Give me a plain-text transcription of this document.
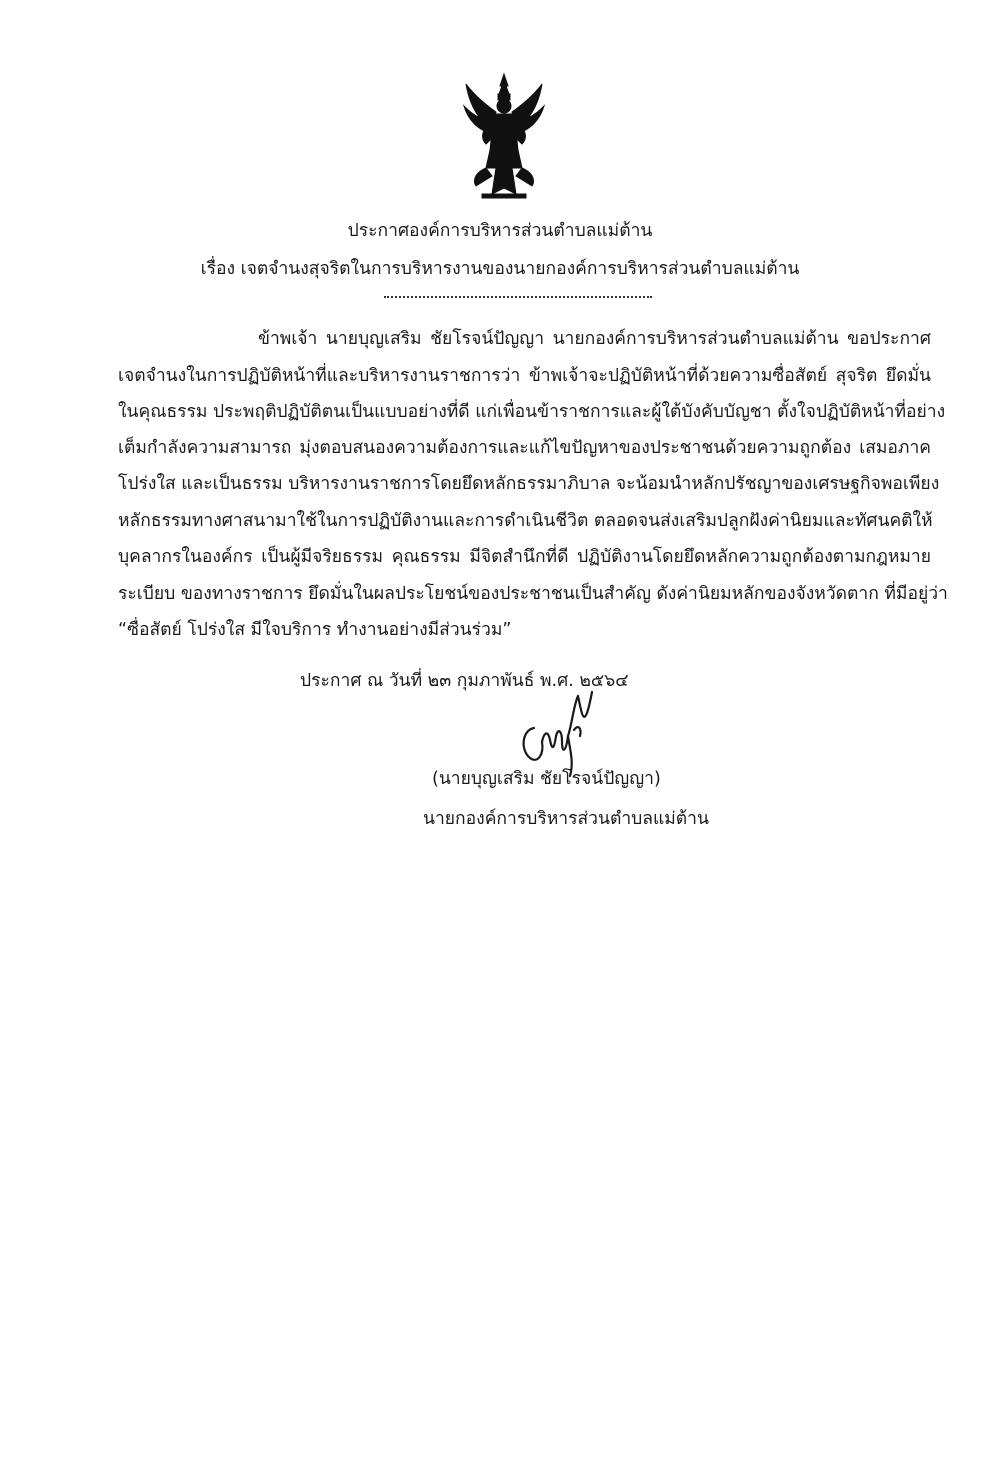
ประกาศองค์การบริหารส่วนตำบลแม่ต้าน
เรื่อง เจตจำนงสุจริตในการบริหารงานของนายกองค์การบริหารส่วนตำบลแม่ต้าน
ข้าพเจ้า นายบุญเสริม ชัยโรจน์ปัญญา นายกองค์การบริหารส่วนตำบลแม่ต้าน ขอประกาศ
เจตจำนงในการปฏิบัติหน้าที่และบริหารงานราชการว่า ข้าพเจ้าจะปฏิบัติหน้าที่ด้วยความซื่อสัตย์ สุจริต ยึดมั่น
ในคุณธรรม ประพฤติปฏิบัติตนเป็นแบบอย่างที่ดี แก่เพื่อนข้าราชการและผู้ใต้บังคับบัญชา ตั้งใจปฏิบัติหน้าที่อย่าง
เต็มกำลังความสามารถ มุ่งตอบสนองความต้องการและแก้ไขปัญหาของประชาชนด้วยความถูกต้อง เสมอภาค
โปร่งใส และเป็นธรรม บริหารงานราชการโดยยึดหลักธรรมาภิบาล จะน้อมนำหลักปรัชญาของเศรษฐกิจพอเพียง
หลักธรรมทางศาสนามาใช้ในการปฏิบัติงานและการดำเนินชีวิต ตลอดจนส่งเสริมปลูกฝังค่านิยมและทัศนคติให้
บุคลากรในองค์กร เป็นผู้มีจริยธรรม คุณธรรม มีจิตสำนึกที่ดี ปฏิบัติงานโดยยึดหลักความถูกต้องตามกฎหมาย
ระเบียบ ของทางราชการ ยึดมั่นในผลประโยชน์ของประชาชนเป็นสำคัญ ดังค่านิยมหลักของจังหวัดตาก ที่มีอยู่ว่า
“ซื่อสัตย์ โปร่งใส มีใจบริการ ทำงานอย่างมีส่วนร่วม”
ประกาศ ณ วันที่ ๒๓ กุมภาพันธ์ พ.ศ. ๒๕๖๔
(นายบุญเสริม ชัยโรจน์ปัญญา)
นายกองค์การบริหารส่วนตำบลแม่ต้าน
